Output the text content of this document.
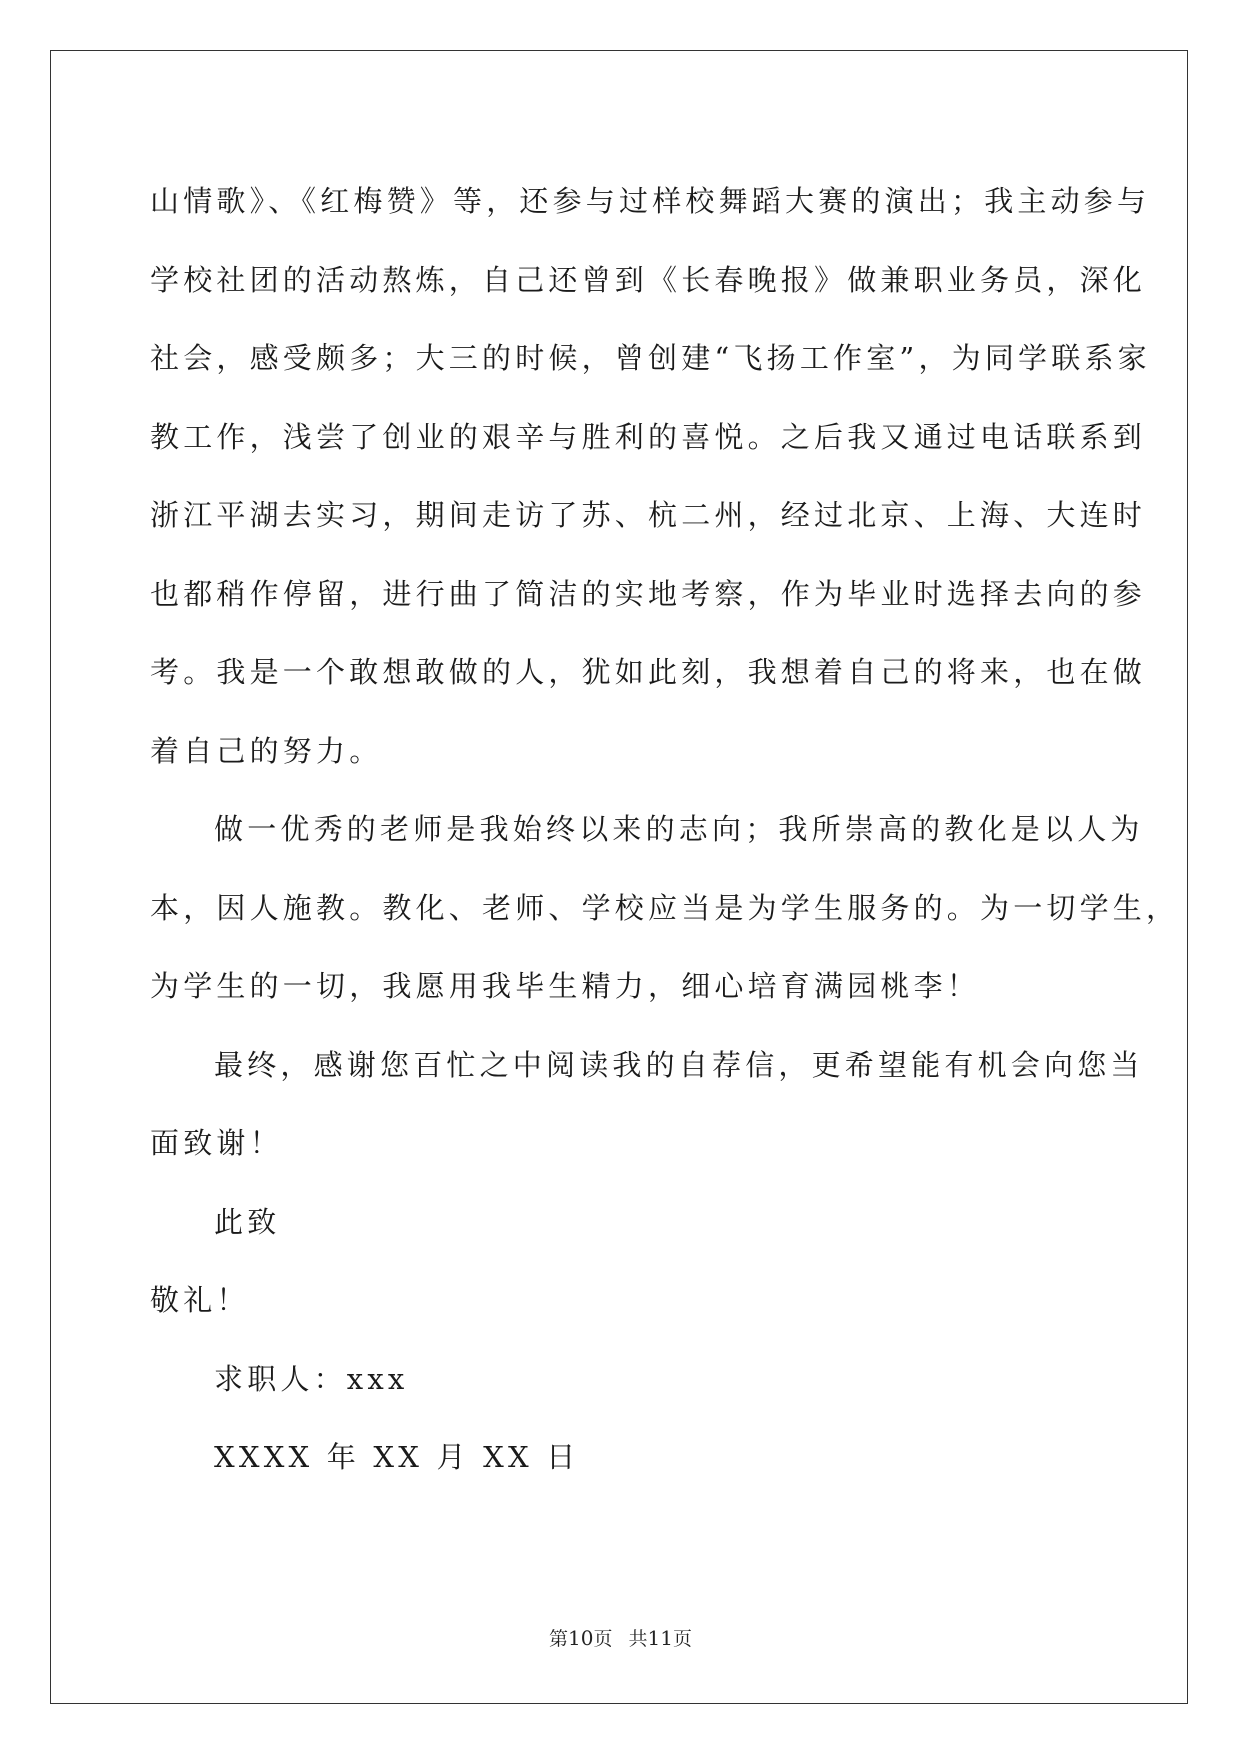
山情歌》、《红梅赞》等，还参与过样校舞蹈大赛的演出；我主动参与
学校社团的活动熬炼，自己还曾到《长春晚报》做兼职业务员，深化
社会，感受颇多；大三的时候，曾创建“飞扬工作室”，为同学联系家
教工作，浅尝了创业的艰辛与胜利的喜悦。之后我又通过电话联系到
浙江平湖去实习，期间走访了苏、杭二州，经过北京、上海、大连时
也都稍作停留，进行曲了简洁的实地考察，作为毕业时选择去向的参
考。我是一个敢想敢做的人，犹如此刻，我想着自己的将来，也在做
着自己的努力。
做一优秀的老师是我始终以来的志向；我所崇高的教化是以人为
本，因人施教。教化、老师、学校应当是为学生服务的。为一切学生，
为学生的一切，我愿用我毕生精力，细心培育满园桃李！
最终，感谢您百忙之中阅读我的自荐信，更希望能有机会向您当
面致谢！
此致
敬礼！
求职人：xxx
XXXX 年 XX 月 XX 日
第10页 共11页
